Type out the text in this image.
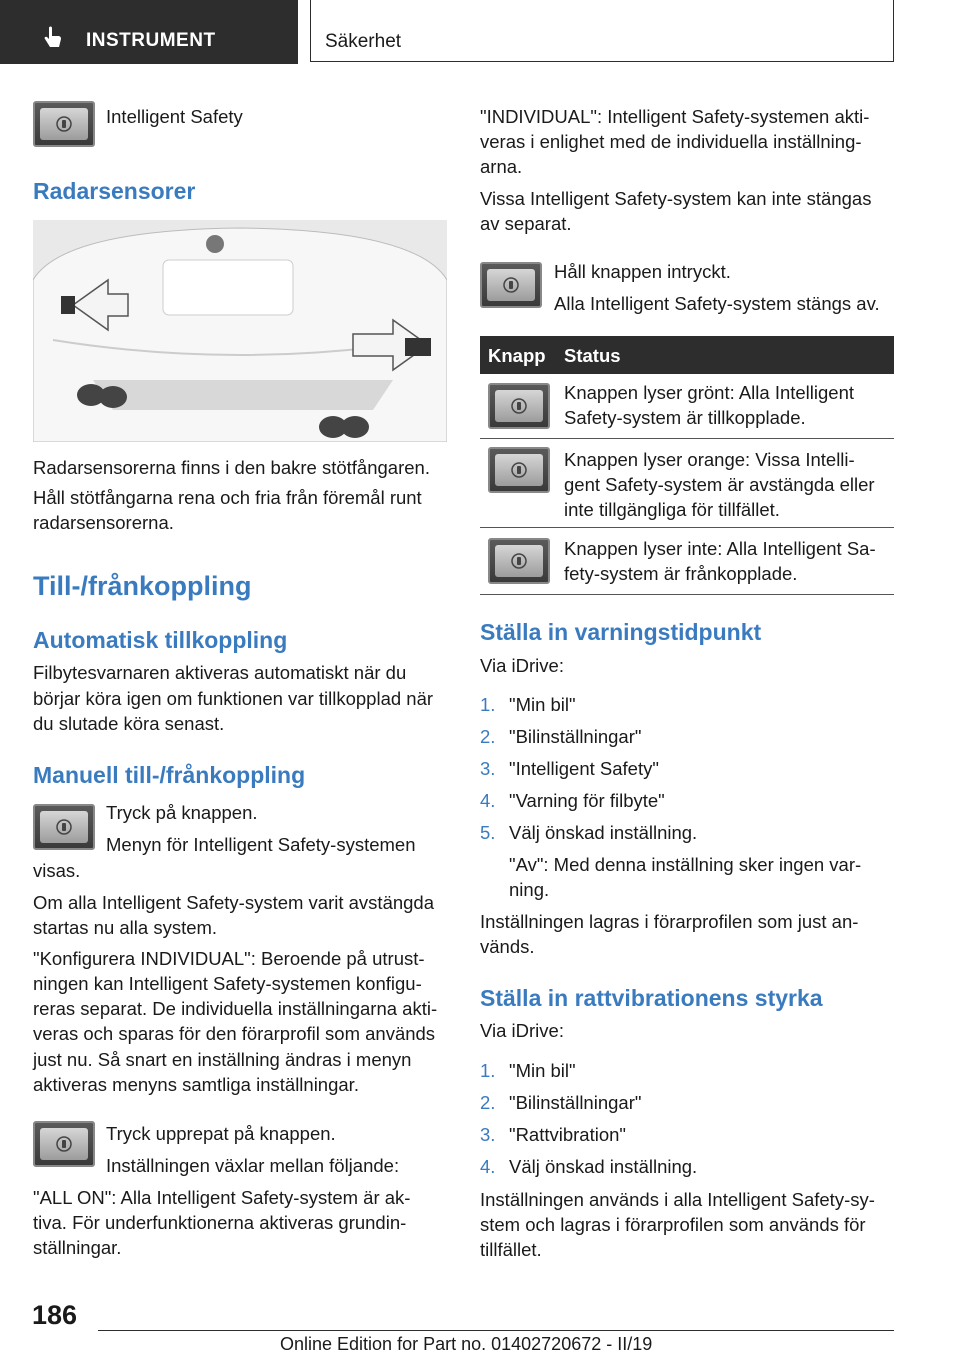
INSTRUMENT	Säkerhet
Intelligent Safety
Radarsensorer
Radarsensorerna finns i den bakre stötfångaren.
Håll stötfångarna rena och fria från föremål runt
radarsensorerna.
Till-/frånkoppling
Automatisk tillkoppling
Filbytesvarnaren aktiveras automatiskt när du
börjar köra igen om funktionen var tillkopplad när
du slutade köra senast.
Manuell till-/frånkoppling
Tryck på knappen.
Menyn för Intelligent Safety-systemen
visas.
Om alla Intelligent Safety-system varit avstängda
startas nu alla system.
"Konfigurera INDIVIDUAL": Beroende på utrust-
ningen kan Intelligent Safety-systemen konfigu-
reras separat. De individuella inställningarna akti-
veras och sparas för den förarprofil som används
just nu. Så snart en inställning ändras i menyn
aktiveras menyns samtliga inställningar.
Tryck upprepat på knappen.
Inställningen växlar mellan följande:
"ALL ON": Alla Intelligent Safety-system är ak-
tiva. För underfunktionerna aktiveras grundin-
ställningar.
"INDIVIDUAL": Intelligent Safety-systemen akti-
veras i enlighet med de individuella inställning-
arna.
Vissa Intelligent Safety-system kan inte stängas
av separat.
Håll knappen intryckt.
Alla Intelligent Safety-system stängs av.
Knapp Status
Knappen lyser grönt: Alla Intelligent
Safety-system är tillkopplade.
Knappen lyser orange: Vissa Intelli-
gent Safety-system är avstängda eller
inte tillgängliga för tillfället.
Knappen lyser inte: Alla Intelligent Sa-
fety-system är frånkopplade.
Ställa in varningstidpunkt
Via iDrive:
1. "Min bil"
2. "Bilinställningar"
3. "Intelligent Safety"
4. "Varning för filbyte"
5. Välj önskad inställning.
"Av": Med denna inställning sker ingen var-
ning.
Inställningen lagras i förarprofilen som just an-
vänds.
Ställa in rattvibrationens styrka
Via iDrive:
1. "Min bil"
2. "Bilinställningar"
3. "Rattvibration"
4. Välj önskad inställning.
Inställningen används i alla Intelligent Safety-sy-
stem och lagras i förarprofilen som används för
tillfället.
186
Online Edition for Part no. 01402720672 - II/19
